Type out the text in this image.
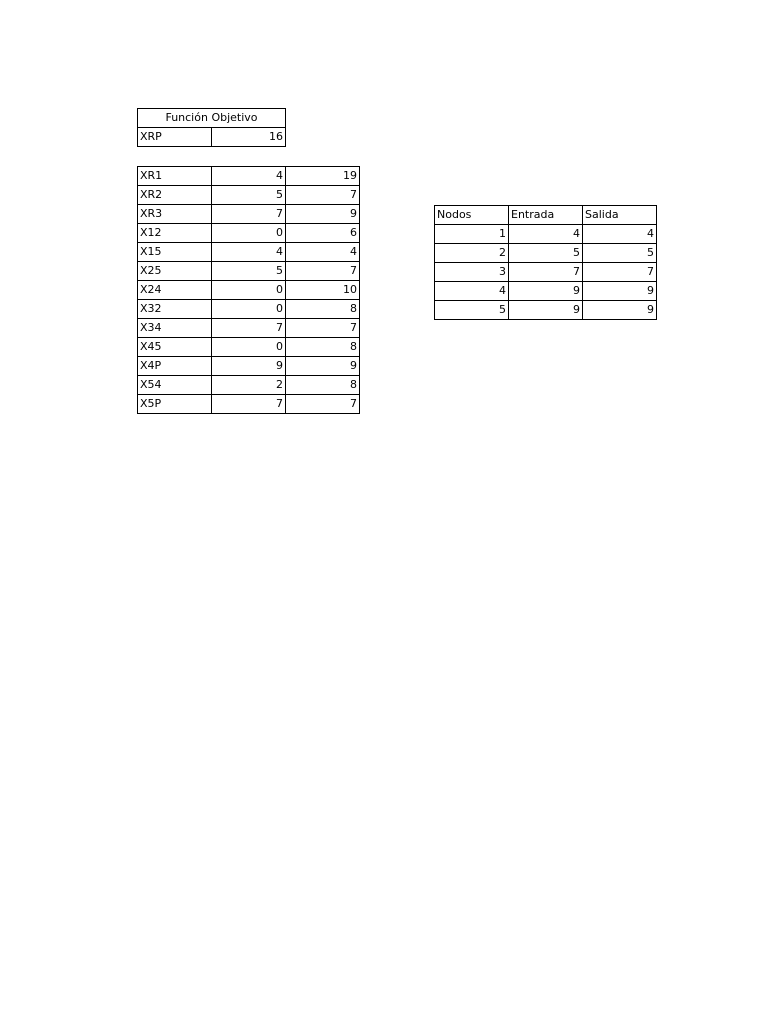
Función Objetivo
XRP	16
XR1	4	19
XR2	5	7
XR3	7	9
X12	0	6
X15	4	4
X25	5	7
X24	0	10
X32	0	8
X34	7	7
X45	0	8
X4P	9	9
X54	2	8
X5P	7	7
Nodos	Entrada	Salida
1	4	4
2	5	5
3	7	7
4	9	9
5	9	9
